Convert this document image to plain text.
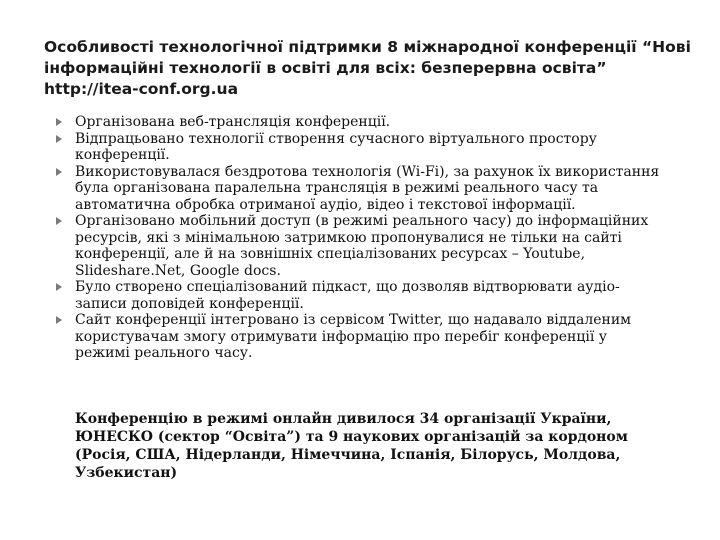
Особливості технологічної підтримки 8 міжнародної конференції “Нові
інформаційні технології в освіті для всіх: безперервна освіта”
http://itea-conf.org.ua
Організована веб-трансляція конференції.
Відпрацьовано технології створення сучасного віртуального простору
конференції.
Використовувалася бездротова технологія (Wi-Fi), за рахунок їх використання
була організована паралельна трансляція в режимі реального часу та
автоматична обробка отриманої аудіо, відео і текстової інформації.
Організовано мобільний доступ (в режимі реального часу) до інформаційних
ресурсів, які з мінімальною затримкою пропонувалися не тільки на сайті
конференції, але й на зовнішніх спеціалізованих ресурсах – Youtube,
Slideshare.Net, Google docs.
Було створено спеціалізований підкаст, що дозволяв відтворювати аудіо-
записи доповідей конференції.
Сайт конференції інтегровано із сервісом Twitter, що надавало віддаленим
користувачам змогу отримувати інформацію про перебіг конференції у
режимі реального часу.

Конференцію в режимі онлайн дивилося 34 організації України,
ЮНЕСКО (сектор “Освіта”) та 9 наукових організацій за кордоном
(Росія, США, Нідерланди, Німеччина, Іспанія, Білорусь, Молдова,
Узбекистан)
